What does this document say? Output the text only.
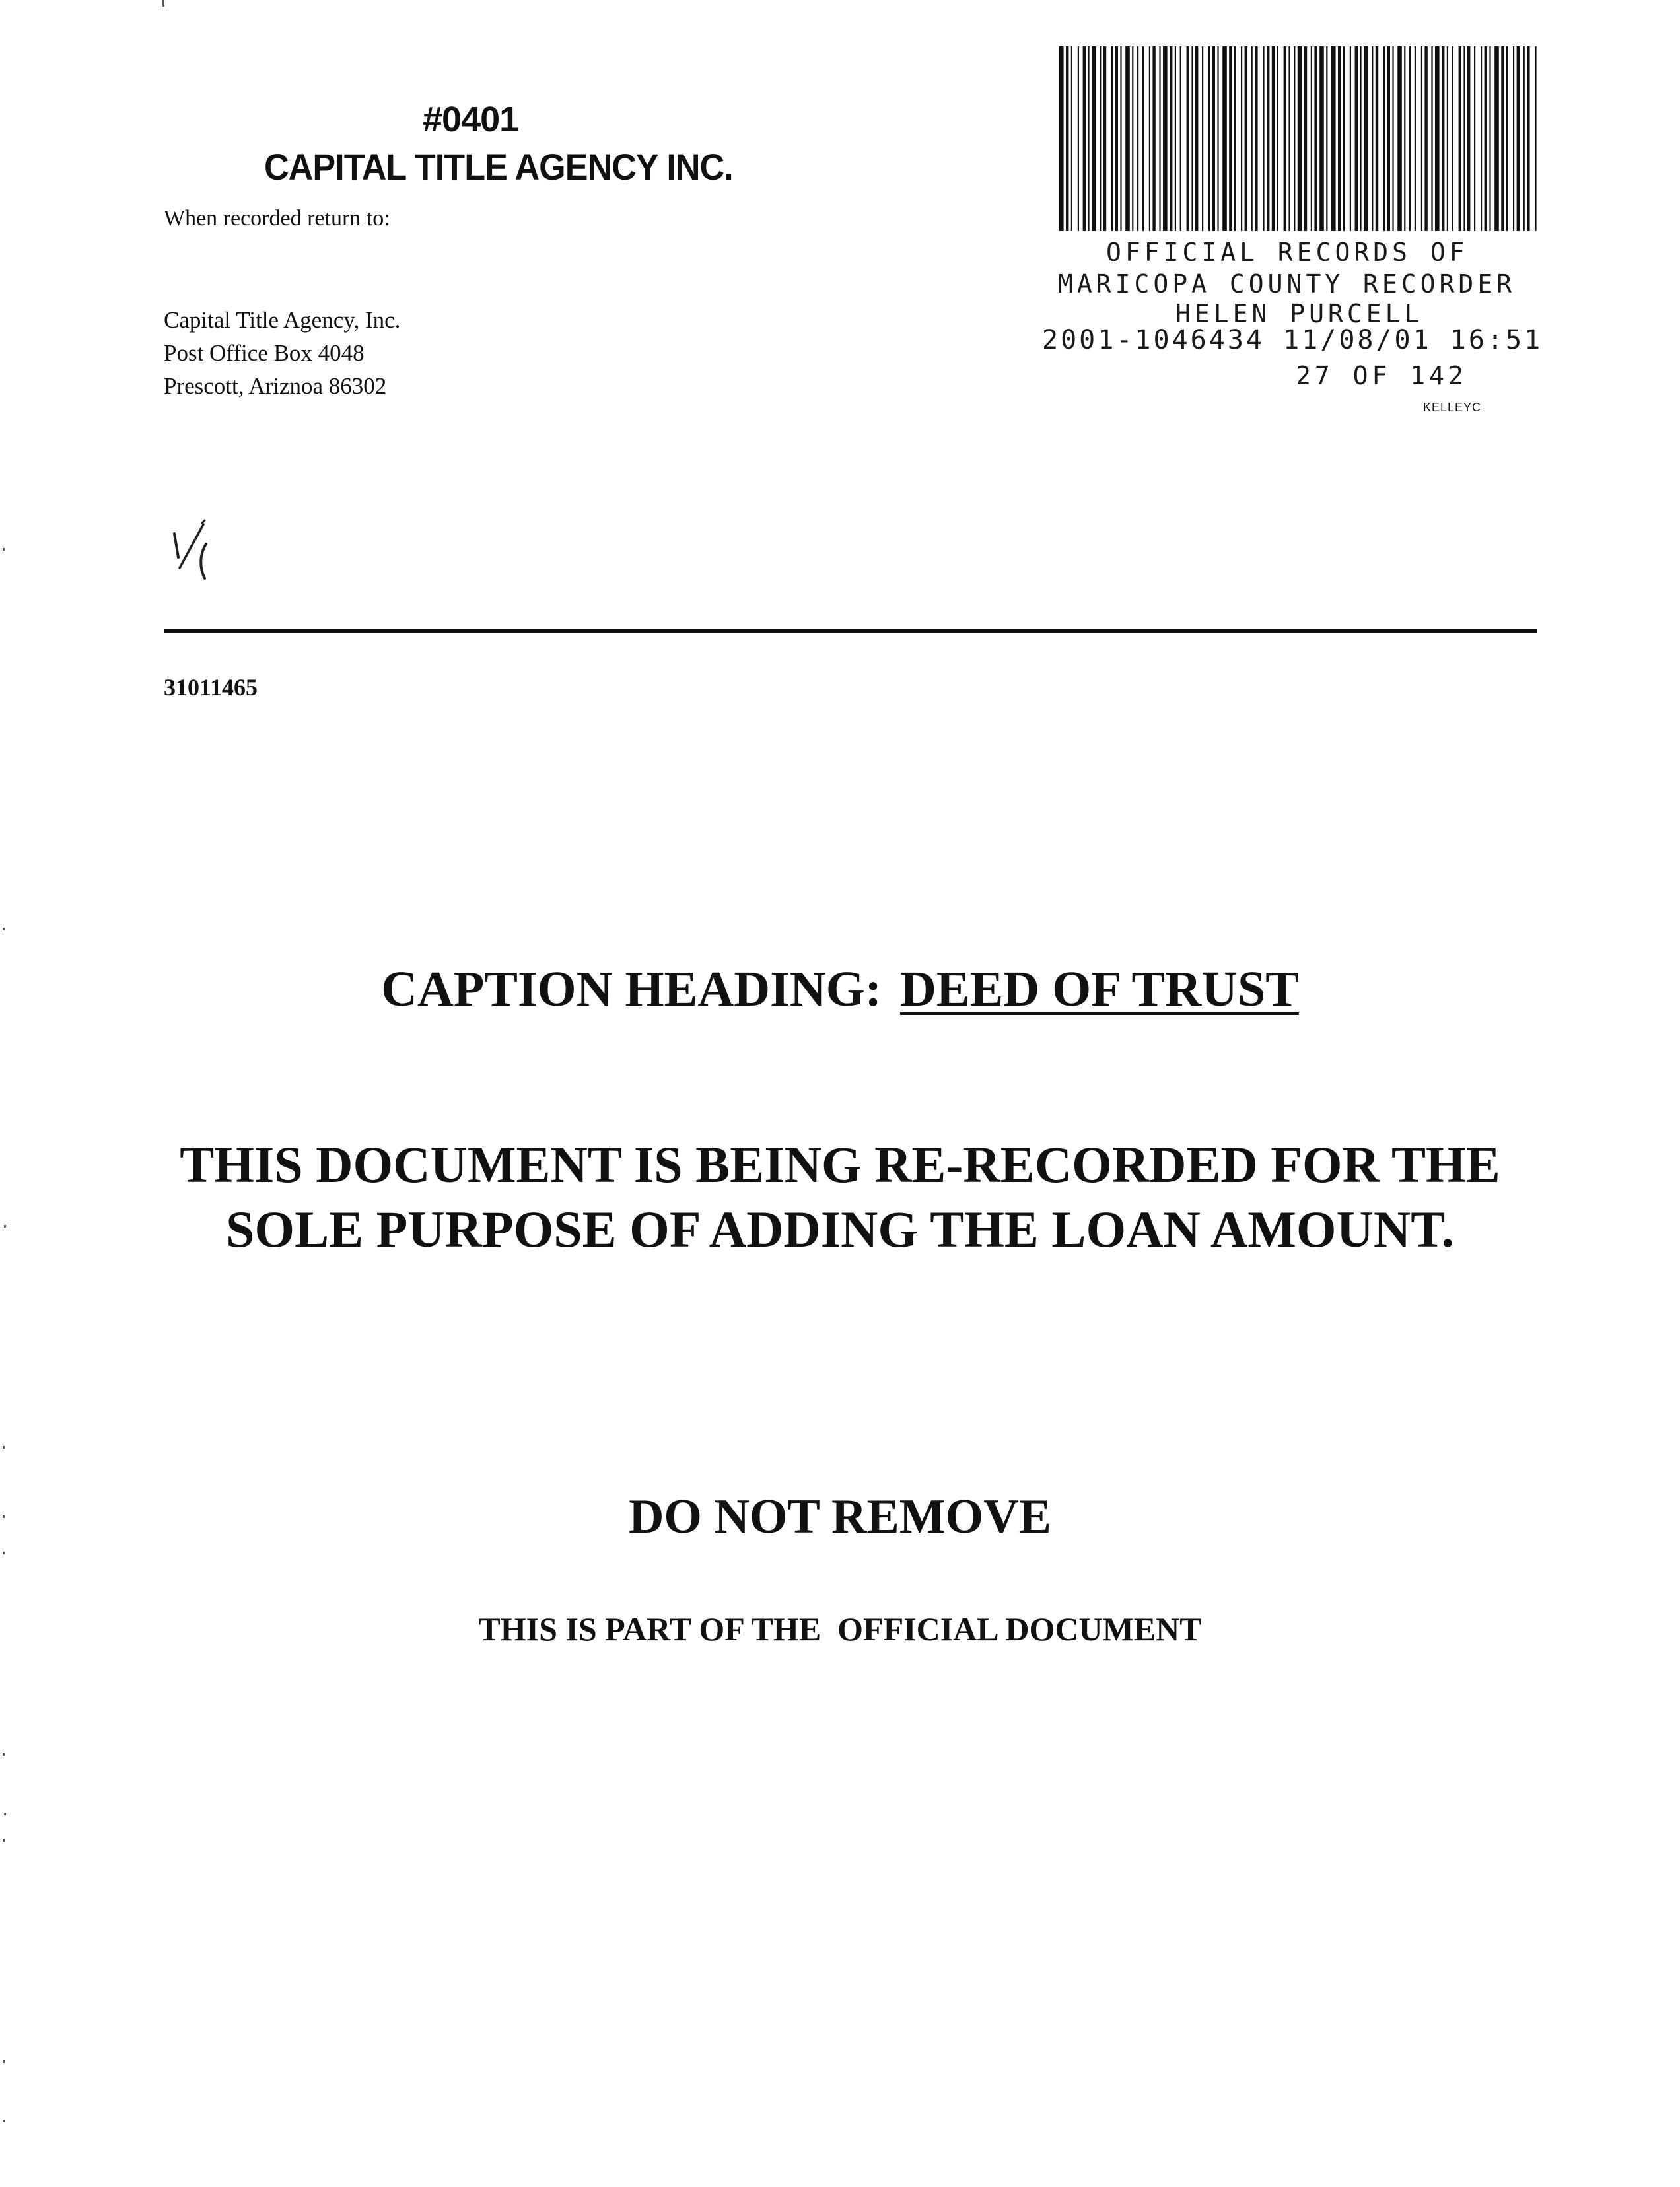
#0401
CAPITAL TITLE AGENCY INC.
When recorded return to:
Capital Title Agency, Inc.
Post Office Box 4048
Prescott, Ariznoa 86302
OFFICIAL RECORDS OF
MARICOPA COUNTY RECORDER
HELEN PURCELL
2001-1046434 11/08/01 16:51
27 OF 142
KELLEYC
31011465
CAPTION HEADING: DEED OF TRUST
THIS DOCUMENT IS BEING RE-RECORDED FOR THE
SOLE PURPOSE OF ADDING THE LOAN AMOUNT.
DO NOT REMOVE
THIS IS PART OF THE  OFFICIAL DOCUMENT
